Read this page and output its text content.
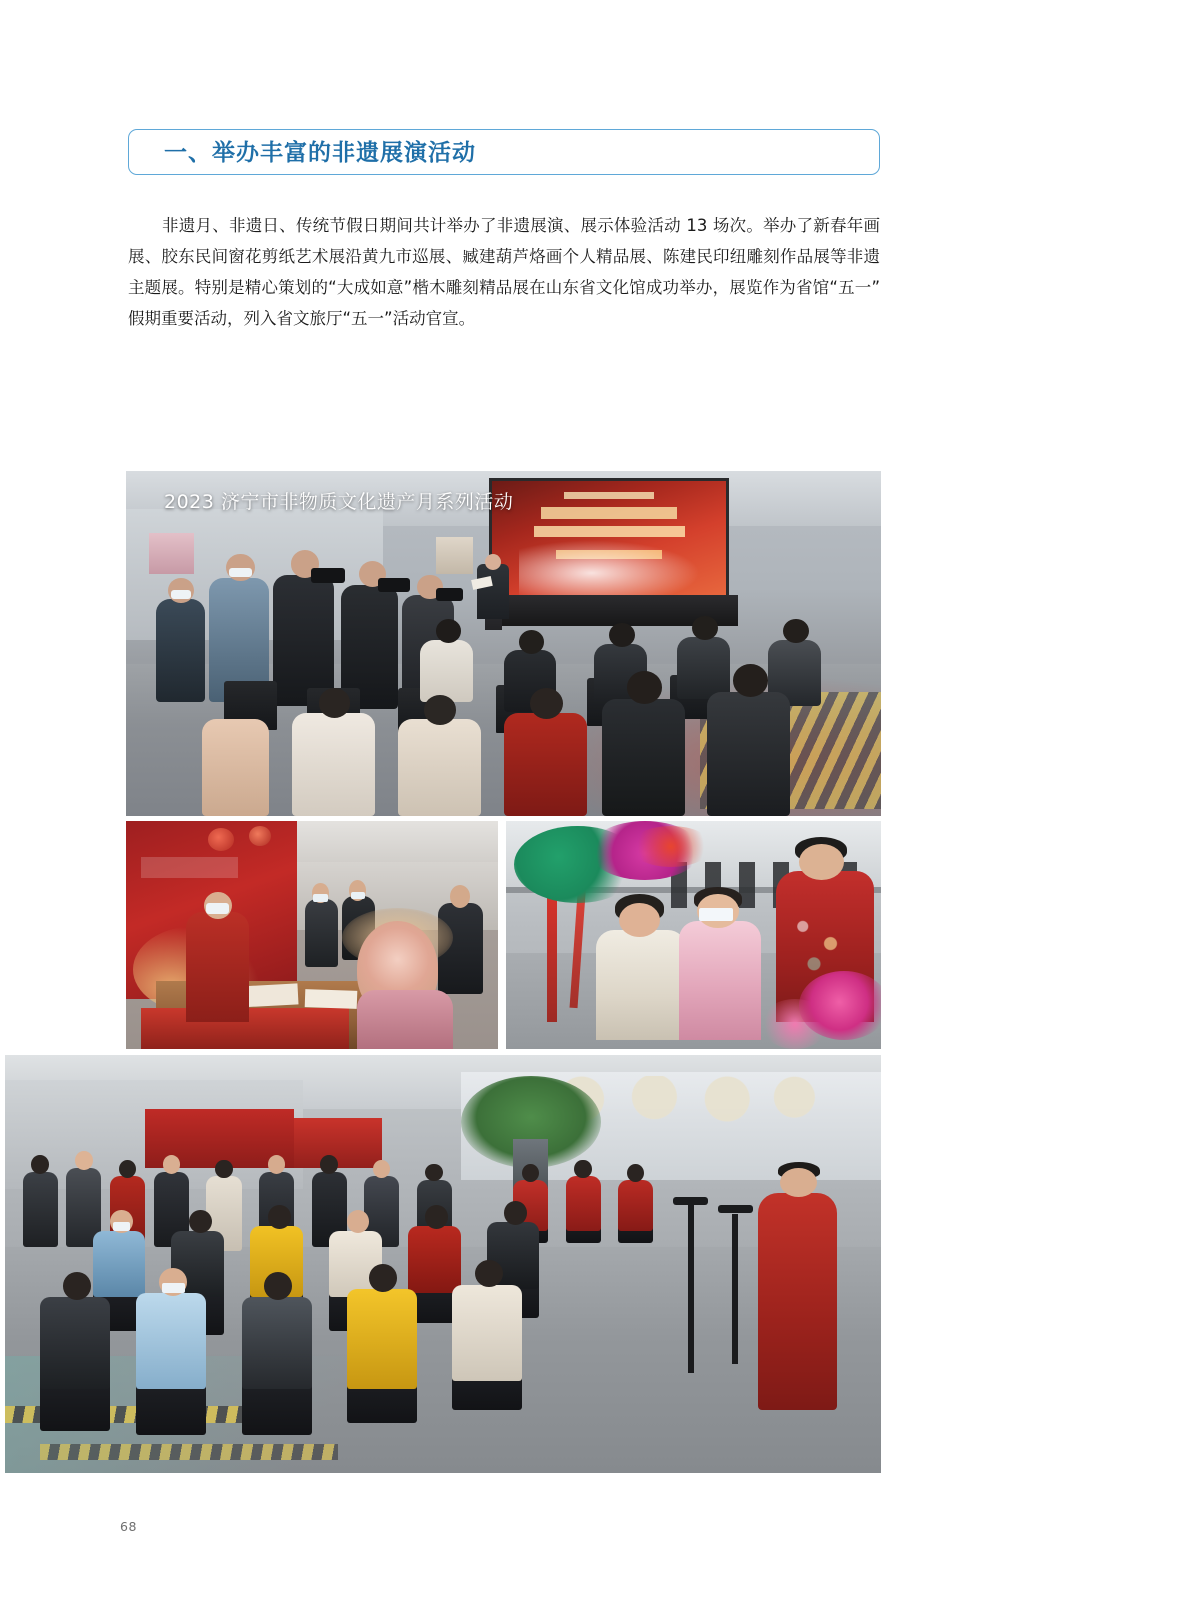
一、举办丰富的非遗展演活动
非遗月、非遗日、传统节假日期间共计举办了非遗展演、展示体验活动 13 场次。举办了新春年画展、胶东民间窗花剪纸艺术展沿黄九市巡展、臧建葫芦烙画个人精品展、陈建民印纽雕刻作品展等非遗主题展。特别是精心策划的“大成如意”楷木雕刻精品展在山东省文化馆成功举办，展览作为省馆“五一”假期重要活动，列入省文旅厅“五一”活动官宣。
2023 济宁市非物质文化遗产月系列活动
68
